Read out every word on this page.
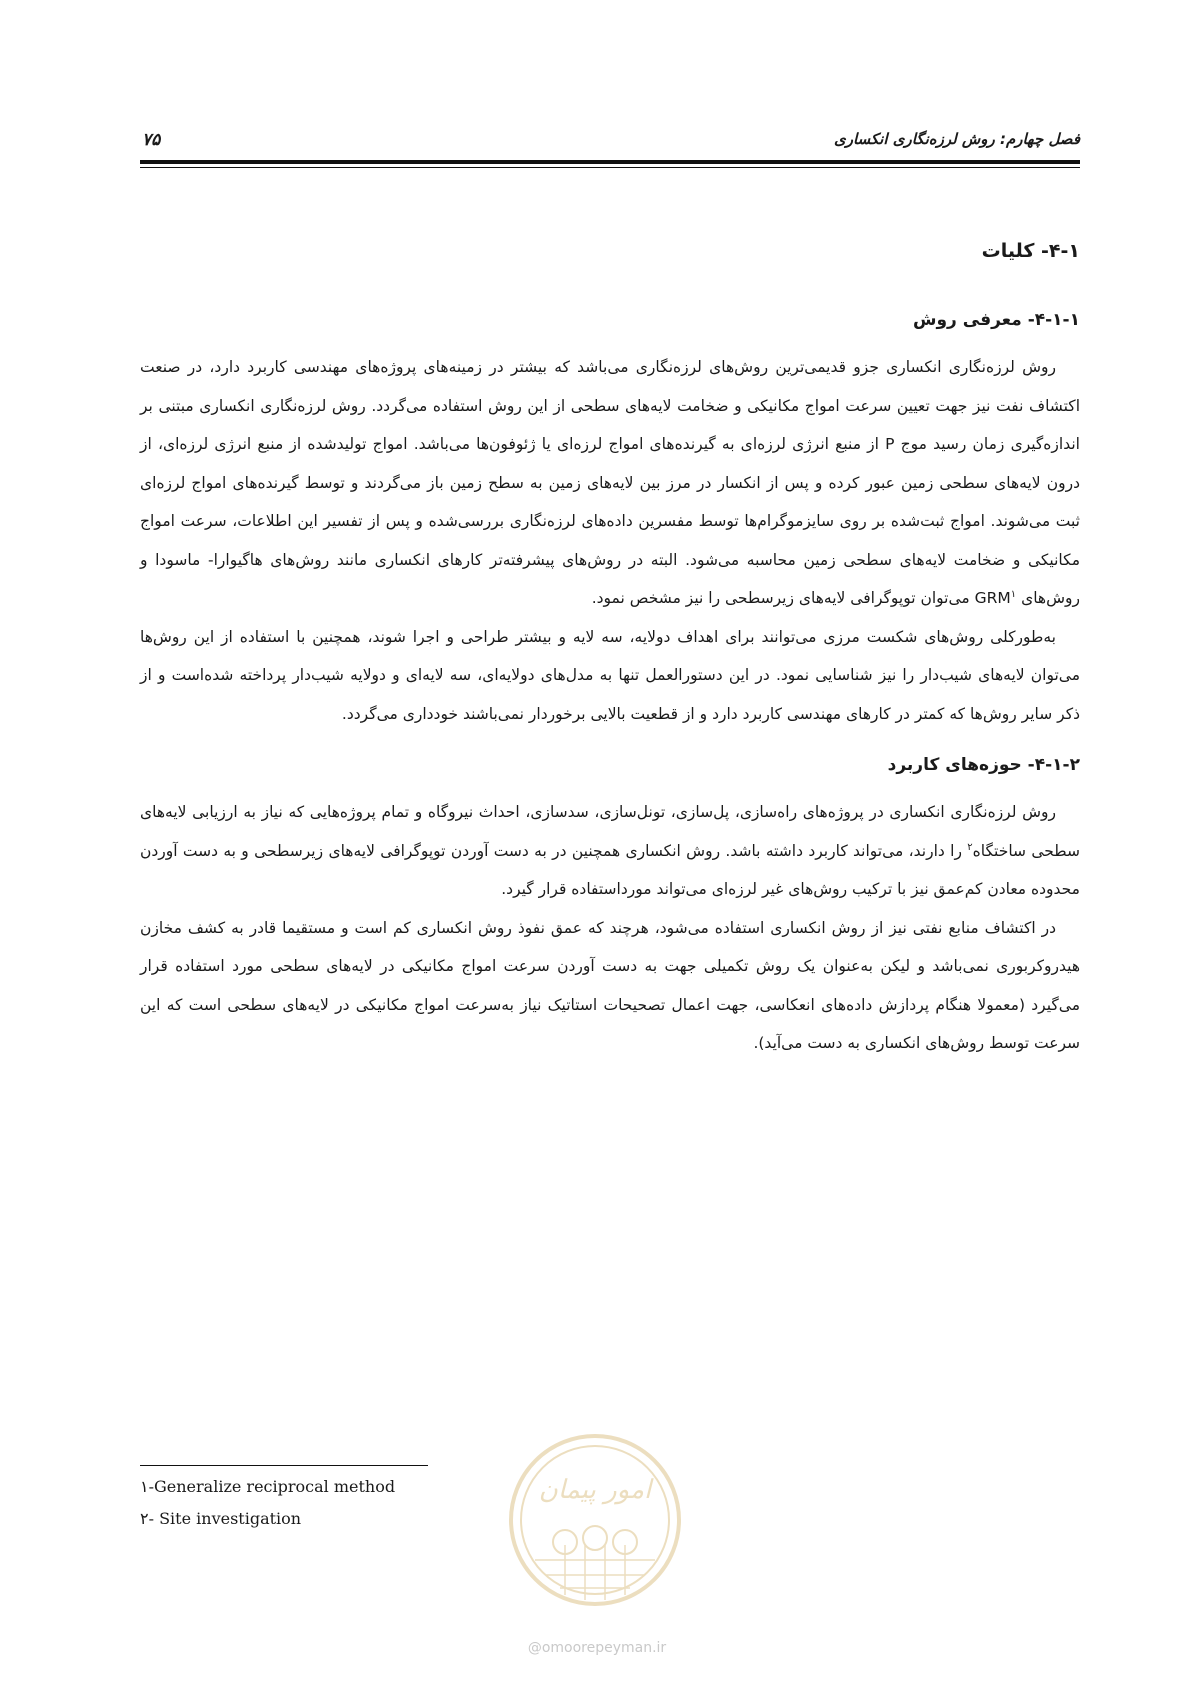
فصل چهارم: روش لرزه‌نگاری انکساری
۷۵
۴-۱- کلیات
۴-۱-۱- معرفی روش

روش لرزه‌نگاری انکساری جزو قدیمی‌ترین روش‌های لرزه‌نگاری می‌باشد که بیشتر در زمینه‌های پروژه‌های مهندسی کاربرد دارد، در صنعت اکتشاف نفت نیز جهت تعیین سرعت امواج مکانیکی و ضخامت لایه‌های سطحی از این روش استفاده می‌گردد. روش لرزه‌نگاری انکساری مبتنی بر اندازه‌گیری زمان رسید موج P از منبع انرژی لرزه‌ای به گیرنده‌های امواج لرزه‌ای یا ژئوفون‌ها می‌باشد. امواج تولیدشده از منبع انرژی لرزه‌ای، از درون لایه‌های سطحی زمین عبور کرده و پس از انکسار در مرز بین لایه‌های زمین به سطح زمین باز می‌گردند و توسط گیرنده‌های امواج لرزه‌ای ثبت می‌شوند. امواج ثبت‌شده بر روی سایزموگرام‌ها توسط مفسرین داده‌های لرزه‌نگاری بررسی‌شده و پس از تفسیر این اطلاعات، سرعت امواج مکانیکی و ضخامت لایه‌های سطحی زمین محاسبه می‌شود. البته در روش‌های پیشرفته‌تر کارهای انکساری مانند روش‌های هاگیوارا- ماسودا و روش‌های GRM$^۱$ می‌توان توپوگرافی لایه‌های زیرسطحی را نیز مشخص نمود.

به‌طورکلی روش‌های شکست مرزی می‌توانند برای اهداف دولایه، سه لایه و بیشتر طراحی و اجرا شوند، همچنین با استفاده از این روش‌ها می‌توان لایه‌های شیب‌دار را نیز شناسایی نمود. در این دستورالعمل تنها به مدل‌های دولایه‌ای، سه لایه‌ای و دولایه شیب‌دار پرداخته شده‌است و از ذکر سایر روش‌ها که کمتر در کارهای مهندسی کاربرد دارد و از قطعیت بالایی برخوردار نمی‌باشند خودداری می‌گردد.

۴-۱-۲- حوزه‌های کاربرد

روش لرزه‌نگاری انکساری در پروژه‌های راه‌سازی، پل‌سازی، تونل‌سازی، سدسازی، احداث نیروگاه و تمام پروژه‌هایی که نیاز به ارزیابی لایه‌های سطحی ساختگاه$^۲$ را دارند، می‌تواند کاربرد داشته باشد. روش انکساری همچنین در به دست آوردن توپوگرافی لایه‌های زیرسطحی و به دست آوردن محدوده معادن کم‌عمق نیز با ترکیب روش‌های غیر لرزه‌ای می‌تواند مورداستفاده قرار گیرد.

در اکتشاف منابع نفتی نیز از روش انکساری استفاده می‌شود، هرچند که عمق نفوذ روش انکساری کم است و مستقیما قادر به کشف مخازن هیدروکربوری نمی‌باشد و لیکن به‌عنوان یک روش تکمیلی جهت به دست آوردن سرعت امواج مکانیکی در لایه‌های سطحی مورد استفاده قرار می‌گیرد (معمولا هنگام پردازش داده‌های انعکاسی، جهت اعمال تصحیحات استاتیک نیاز به‌سرعت امواج مکانیکی در لایه‌های سطحی است که این سرعت توسط روش‌های انکساری به دست می‌آید).

۱-Generalize reciprocal method

۲- Site investigation

امور پیمان
@omoorepeyman.ir
